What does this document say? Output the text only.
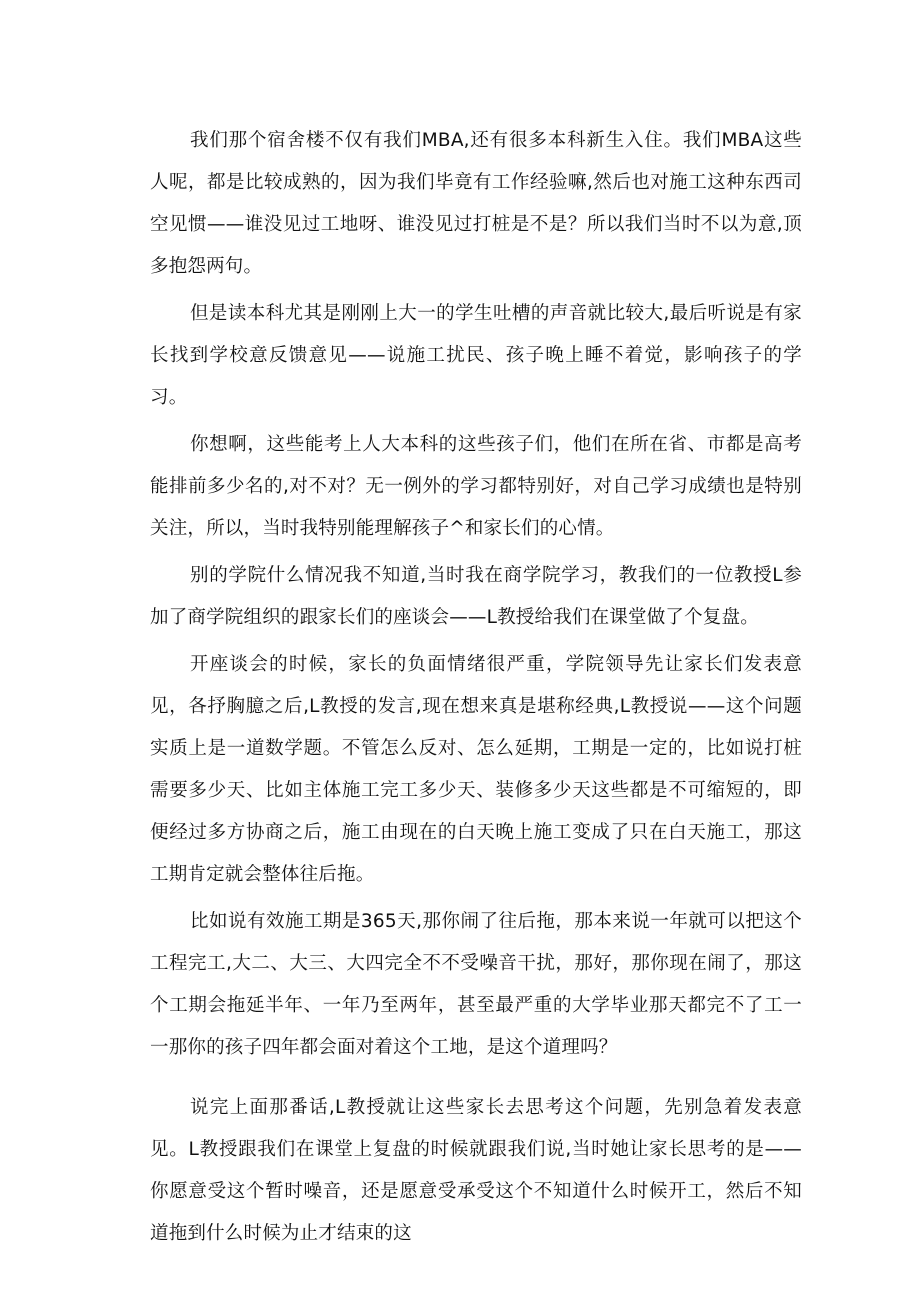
我们那个宿舍楼不仅有我们MBA,还有很多本科新生入住。我们MBA这些人呢，都是比较成熟的，因为我们毕竟有工作经验嘛,然后也对施工这种东西司空见惯——谁没见过工地呀、谁没见过打桩是不是？所以我们当时不以为意,顶多抱怨两句。

但是读本科尤其是刚刚上大一的学生吐槽的声音就比较大,最后听说是有家长找到学校意反馈意见——说施工扰民、孩子晚上睡不着觉，影响孩子的学习。

你想啊，这些能考上人大本科的这些孩子们，他们在所在省、市都是高考能排前多少名的,对不对？无一例外的学习都特别好，对自己学习成绩也是特别关注，所以，当时我特别能理解孩子^和家长们的心情。

别的学院什么情况我不知道,当时我在商学院学习，教我们的一位教授L参加了商学院组织的跟家长们的座谈会——L教授给我们在课堂做了个复盘。

开座谈会的时候，家长的负面情绪很严重，学院领导先让家长们发表意见，各抒胸臆之后,L教授的发言,现在想来真是堪称经典,L教授说——这个问题实质上是一道数学题。不管怎么反对、怎么延期，工期是一定的，比如说打桩需要多少天、比如主体施工完工多少天、装修多少天这些都是不可缩短的，即便经过多方协商之后，施工由现在的白天晚上施工变成了只在白天施工，那这工期肯定就会整体往后拖。

比如说有效施工期是365天,那你闹了往后拖，那本来说一年就可以把这个工程完工,大二、大三、大四完全不不受噪音干扰，那好，那你现在闹了，那这个工期会拖延半年、一年乃至两年，甚至最严重的大学毕业那天都完不了工一一那你的孩子四年都会面对着这个工地，是这个道理吗？

说完上面那番话,L教授就让这些家长去思考这个问题，先别急着发表意见。L教授跟我们在课堂上复盘的时候就跟我们说,当时她让家长思考的是——你愿意受这个暂时噪音，还是愿意受承受这个不知道什么时候开工，然后不知道拖到什么时候为止才结束的这
